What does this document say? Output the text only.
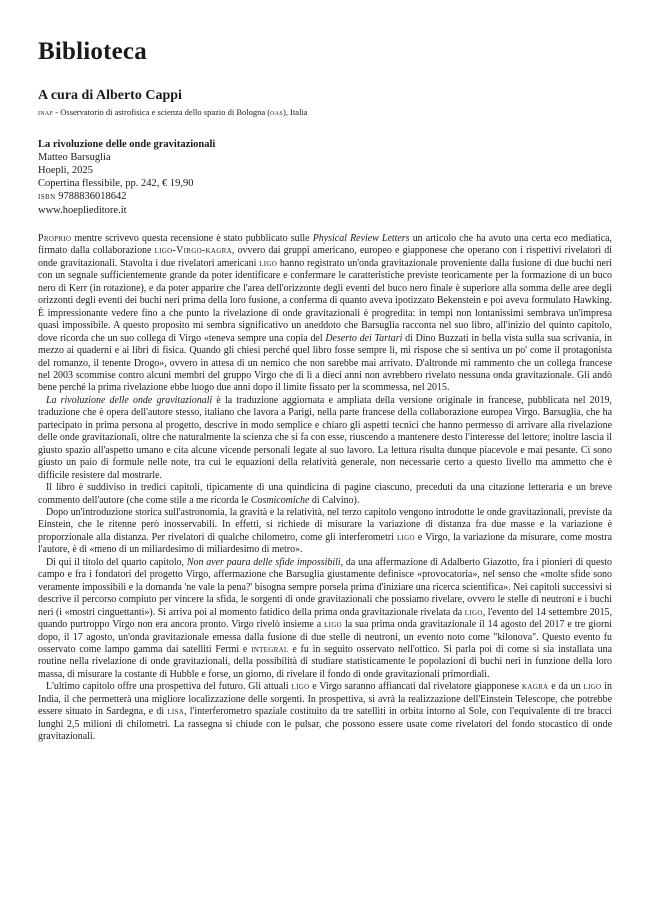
Biblioteca
A cura di Alberto Cappi
inaf - Osservatorio di astrofisica e scienza dello spazio di Bologna (oas), Italia
La rivoluzione delle onde gravitazionali
Matteo Barsuglia
Hoepli, 2025
Copertina flessibile, pp. 242, € 19,90
isbn 9788836018642
www.hoeplieditore.it

Proprio mentre scrivevo questa recensione è stato pubblicato sulle Physical Review Letters un articolo che ha avuto una certa eco mediatica, firmato dalla collaborazione ligo-Virgo-kagra, ovvero dai gruppi americano, europeo e giapponese che operano con i rispettivi rivelatori di onde gravitazionali. Stavolta i due rivelatori americani ligo hanno registrato un'onda gravitazionale proveniente dalla fusione di due buchi neri con un segnale sufficientemente grande da poter identificare e confermare le caratteristiche previste teoricamente per la formazione di un buco nero di Kerr (in rotazione), e da poter apparire che l'area dell'orizzonte degli eventi del buco nero finale è superiore alla somma delle aree degli orizzonti degli eventi dei buchi neri prima della loro fusione, a conferma di quanto aveva ipotizzato Bekenstein e poi aveva formulato Hawking. È impressionante vedere fino a che punto la rivelazione di onde gravitazionali è progredita: in tempi non lontanissimi sembrava un'impresa quasi impossibile. A questo proposito mi sembra significativo un aneddoto che Barsuglia racconta nel suo libro, all'inizio del quinto capitolo, dove ricorda che un suo collega di Virgo «teneva sempre una copia del Deserto dei Tartari di Dino Buzzati in bella vista sulla sua scrivania, in mezzo ai quaderni e ai libri di fisica. Quando gli chiesi perché quel libro fosse sempre lì, mi rispose che si sentiva un po' come il protagonista del romanzo, il tenente Drogo», ovvero in attesa di un nemico che non sarebbe mai arrivato. D'altronde mi rammento che un collega francese nel 2003 scommise contro alcuni membri del gruppo Virgo che di lì a dieci anni non avrebbero rivelato nessuna onda gravitazionale. Gli andò bene perché la prima rivelazione ebbe luogo due anni dopo il limite fissato per la scommessa, nel 2015.

La rivoluzione delle onde gravitazionali è la traduzione aggiornata e ampliata della versione originale in francese, pubblicata nel 2019, traduzione che è opera dell'autore stesso, italiano che lavora a Parigi, nella parte francese della collaborazione europea Virgo. Barsuglia, che ha partecipato in prima persona al progetto, descrive in modo semplice e chiaro gli aspetti tecnici che hanno permesso di arrivare alla rivelazione delle onde gravitazionali, oltre che naturalmente la scienza che si fa con esse, riuscendo a mantenere desto l'interesse del lettore; inoltre lascia il giusto spazio all'aspetto umano e cita alcune vicende personali legate al suo lavoro. La lettura risulta dunque piacevole e mai pesante. Ci sono giusto un paio di formule nelle note, tra cui le equazioni della relatività generale, non necessarie certo a questo livello ma ammetto che è difficile resistere dal mostrarle.

Il libro è suddiviso in tredici capitoli, tipicamente di una quindicina di pagine ciascuno, preceduti da una citazione letteraria e un breve commento dell'autore (che come stile a me ricorda le Cosmicomiche di Calvino).

Dopo un'introduzione storica sull'astronomia, la gravità e la relatività, nel terzo capitolo vengono introdotte le onde gravitazionali, previste da Einstein, che le ritenne però inosservabili. In effetti, si richiede di misurare la variazione di distanza fra due masse e la variazione è proporzionale alla distanza. Per rivelatori di qualche chilometro, come gli interferometri ligo e Virgo, la variazione da misurare, come mostra l'autore, è di «meno di un miliardesimo di miliardesimo di metro».

Di qui il titolo del quarto capitolo, Non aver paura delle sfide impossibili, da una affermazione di Adalberto Giazotto, fra i pionieri di questo campo e fra i fondatori del progetto Virgo, affermazione che Barsuglia giustamente definisce «provocatoria», nel senso che «molte sfide sono veramente impossibili e la domanda 'ne vale la pena?' bisogna sempre porsela prima d'iniziare una ricerca scientifica». Nei capitoli successivi si descrive il percorso compiuto per vincere la sfida, le sorgenti di onde gravitazionali che possiamo rivelare, ovvero le stelle di neutroni e i buchi neri (i «mostri cinguettanti»). Si arriva poi al momento fatidico della prima onda gravitazionale rivelata da ligo, l'evento del 14 settembre 2015, quando purtroppo Virgo non era ancora pronto. Virgo rivelò insieme a ligo la sua prima onda gravitazionale il 14 agosto del 2017 e tre giorni dopo, il 17 agosto, un'onda gravitazionale emessa dalla fusione di due stelle di neutroni, un evento noto come "kilonova". Questo evento fu osservato come lampo gamma dai satelliti Fermi e integral e fu in seguito osservato nell'ottico. Si parla poi di come si sia installata una routine nella rivelazione di onde gravitazionali, della possibilità di studiare statisticamente le popolazioni di buchi neri in funzione della loro massa, di misurare la costante di Hubble e forse, un giorno, di rivelare il fondo di onde gravitazionali primordiali.

L'ultimo capitolo offre una prospettiva del futuro. Gli attuali ligo e Virgo saranno affiancati dal rivelatore giapponese kagra e da un ligo in India, il che permetterà una migliore localizzazione delle sorgenti. In prospettiva, si avrà la realizzazione dell'Einstein Telescope, che potrebbe essere situato in Sardegna, e di lisa, l'interferometro spaziale costituito da tre satelliti in orbita intorno al Sole, con l'equivalente di tre bracci lunghi 2,5 milioni di chilometri. La rassegna si chiude con le pulsar, che possono essere usate come rivelatori del fondo stocastico di onde gravitazionali.
